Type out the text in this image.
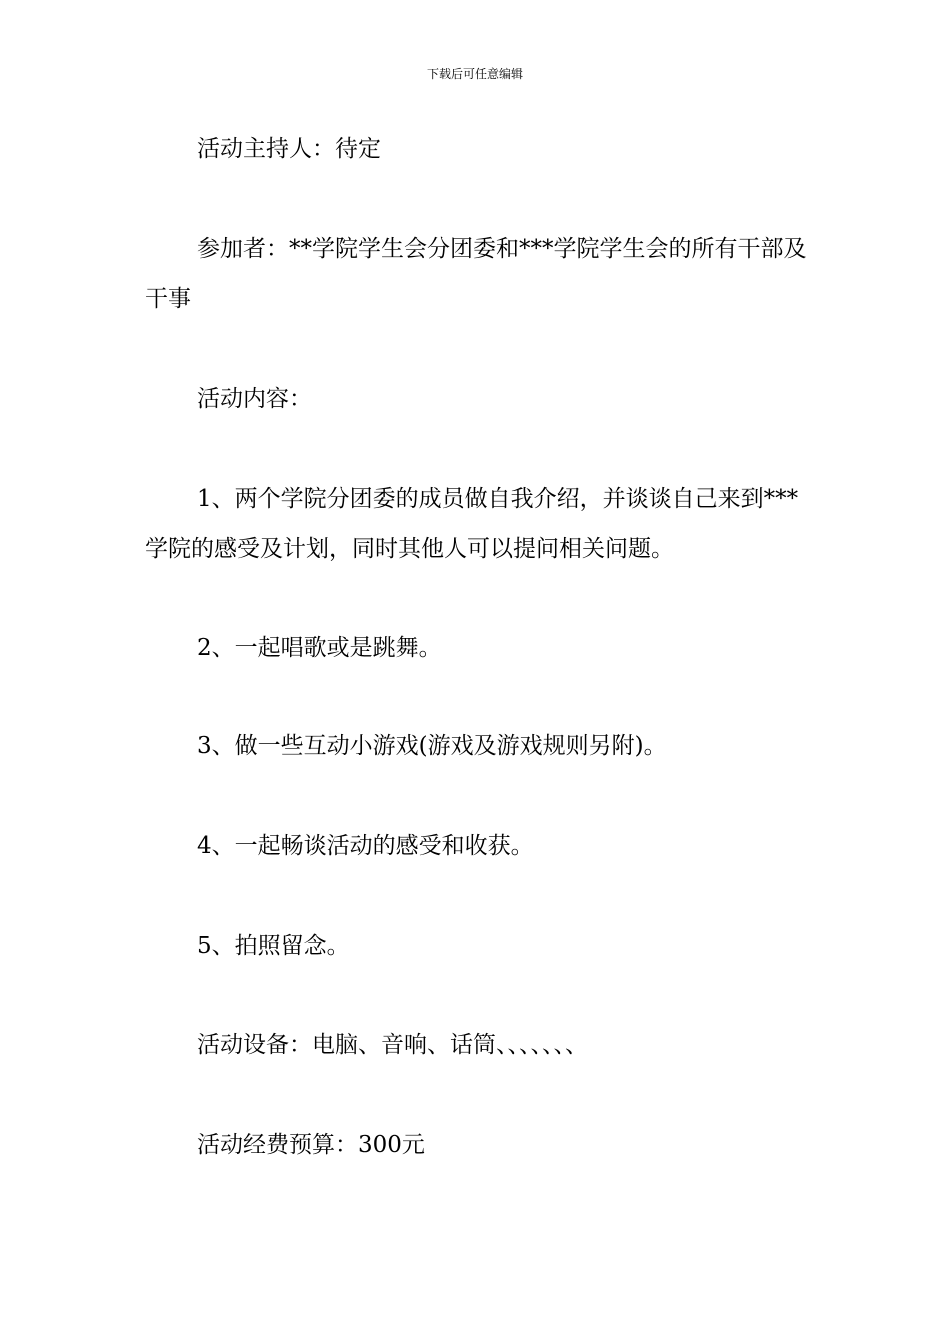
下载后可任意编辑
活动主持人：待定
参加者：**学院学生会分团委和***学院学生会的所有干部及干事
活动内容：
1、两个学院分团委的成员做自我介绍，并谈谈自己来到***学院的感受及计划，同时其他人可以提问相关问题。
2、一起唱歌或是跳舞。
3、做一些互动小游戏(游戏及游戏规则另附)。
4、一起畅谈活动的感受和收获。
5、拍照留念。
活动设备：电脑、音响、话筒、、、、、、、
活动经费预算：300元
